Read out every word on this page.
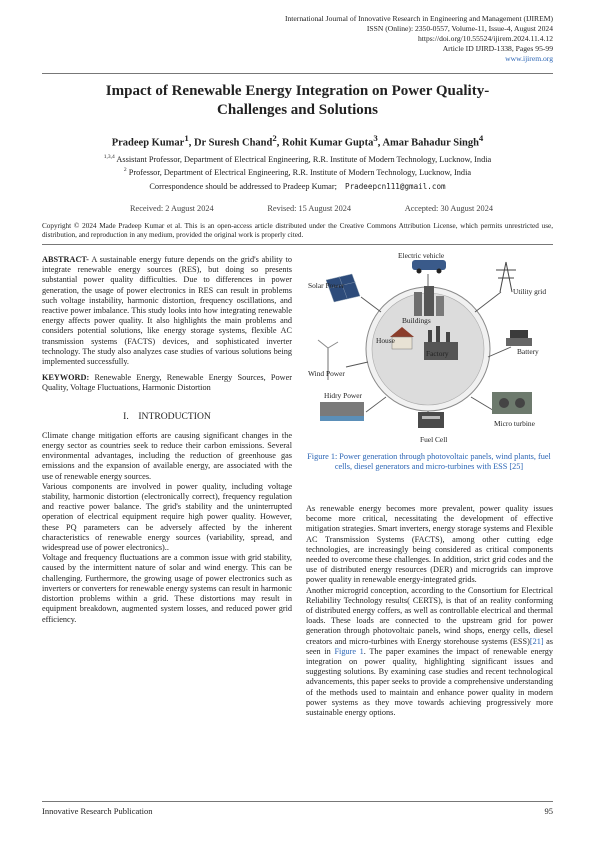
International Journal of Innovative Research in Engineering and Management (IJIREM)
ISSN (Online): 2350-0557, Volume-11, Issue-4, August 2024
https://doi.org/10.55524/ijirem.2024.11.4.12
Article ID IJIRD-1338, Pages 95-99
www.ijirem.org
Impact of Renewable Energy Integration on Power Quality-
Challenges and Solutions
Pradeep Kumar$^1$, Dr Suresh Chand$^2$, Rohit Kumar Gupta$^3$, Amar Bahadur Singh$^4$
$^{1,3,4}$ Assistant Professor, Department of Electrical Engineering, R.R. Institute of Modern Technology, Lucknow, India
$^2$ Professor, Department of Electrical Engineering, R.R. Institute of Modern Technology, Lucknow, India
Correspondence should be addressed to Pradeep Kumar; Pradeepcn111@gmail.com
Received: 2 August 2024	Revised: 15 August 2024	Accepted: 30 August 2024
Copyright © 2024 Made Pradeep Kumar et al. This is an open-access article distributed under the Creative Commons Attribution License, which permits unrestricted use, distribution, and reproduction in any medium, provided the original work is properly cited.

ABSTRACT- A sustainable energy future depends on the grid's ability to integrate renewable energy sources (RES), but doing so presents substantial power quality difficulties. Due to differences in power generation, the usage of power electronics in RES can result in problems such voltage instability, harmonic distortion, frequency oscillations, and reactive power imbalance. This study looks into how integrating renewable energy affects power quality. It also highlights the main problems and considers potential solutions, like energy storage systems, flexible AC transmission systems (FACTS) devices, and sophisticated inverter technology. The study also analyzes case studies of various solutions being implemented successfully.

KEYWORD: Renewable Energy, Renewable Energy Sources, Power Quality, Voltage Fluctuations, Harmonic Distortion

I. INTRODUCTION

Climate change mitigation efforts are causing significant changes in the energy sector as countries seek to reduce their carbon emissions. Several environmental advantages, including the reduction of greenhouse gas emissions and the expansion of available energy, are associated with the use of renewable energy sources.

Various components are involved in power quality, including voltage stability, harmonic distortion (electronically correct), frequency regulation and reactive power balance. The grid's stability and the uninterrupted operation of electrical equipment require high power quality. However, these PQ parameters can be adversely affected by the inherent characteristics of renewable energy sources (variability, spread, and widespread use of power electronics)..

Voltage and frequency fluctuations are a common issue with grid stability, caused by the intermittent nature of solar and wind energy. This can be challenging. Furthermore, the growing usage of power electronics such as inverters or converters for renewable energy systems can result in harmonic distortion problems within a grid. These distortions may result in equipment breakdown, augmented system losses, and reduced power grid efficiency.

Electric vehicle
Solar Power
Buildings
Utility grid
Wind Power
House
Factory	Battery
Hidry Power
Fuel Cell
Micro turbine
Figure 1: Power generation through photovoltaic panels, wind plants, fuel cells, diesel generators and micro-turbines with ESS [25]

As renewable energy becomes more prevalent, power quality issues become more critical, necessitating the development of effective mitigation strategies. Smart inverters, energy storage systems and Flexible AC Transmission Systems (FACTS), among other cutting edge technologies, are increasingly being considered as critical components needed to overcome these challenges. In addition, strict grid codes and the use of distributed energy resources (DER) and microgrids can improve power quality in renewable energy-integrated grids.

Another microgrid conception, according to the Consortium for Electrical Reliability Technology results( CERTS), is that of an reality conforming of distributed energy coffers, as well as controllable electrical and thermal loads. These loads are connected to the upstream grid for power generation through photovoltaic panels, wind shops, energy cells, diesel creators and micro-turbines with Energy storehouse systems (ESS)[21] as seen in Figure 1. The paper examines the impact of renewable energy integration on power quality, highlighting significant issues and suggesting solutions. By examining case studies and recent technological advancements, this paper seeks to provide a comprehensive understanding of the methods used to maintain and enhance power quality in modern power systems as they move towards achieving progressively more sustainable energy options.

Innovative Research Publication	95
